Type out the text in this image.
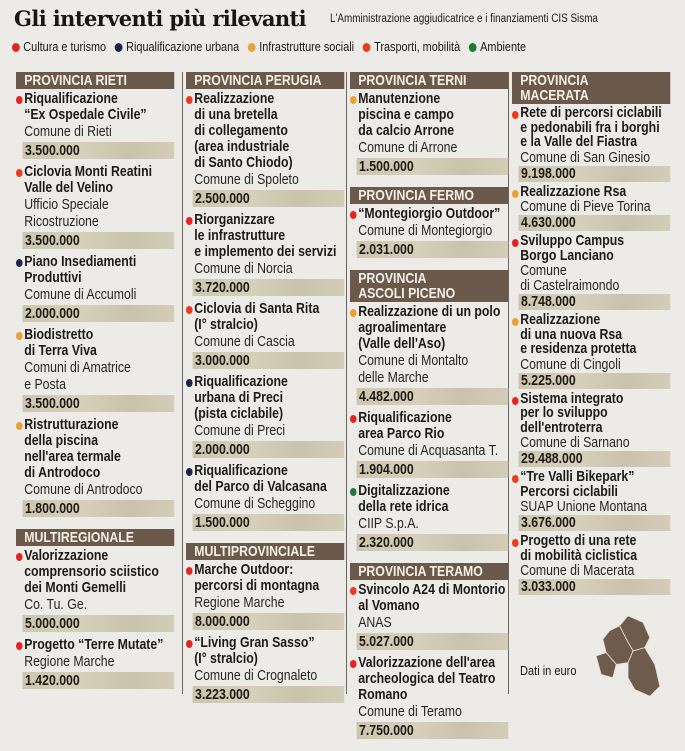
Gli interventi più rilevanti L'Amministrazione aggiudicatrice e i finanziamenti CIS Sisma
Cultura e turismo Riqualificazione urbana Infrastrutture sociali Trasporti, mobilità Ambiente
PROVINCIA RIETI
Riqualificazione
“Ex Ospedale Civile”
Comune di Rieti
3.500.000
Ciclovia Monti Reatini
Valle del Velino
Ufficio Speciale
Ricostruzione
3.500.000
Piano Insediamenti
Produttivi
Comune di Accumoli
2.000.000
Biodistretto
di Terra Viva
Comuni di Amatrice
e Posta
3.500.000
Ristrutturazione
della piscina
nell'area termale
di Antrodoco
Comune di Antrodoco
1.800.000
MULTIREGIONALE
Valorizzazione
comprensorio sciistico
dei Monti Gemelli
Co. Tu. Ge.
5.000.000
Progetto “Terre Mutate”
Regione Marche
1.420.000
PROVINCIA PERUGIA
Realizzazione
di una bretella
di collegamento
(area industriale
di Santo Chiodo)
Comune di Spoleto
2.500.000
Riorganizzare
le infrastrutture
e implemento dei servizi
Comune di Norcia
3.720.000
Ciclovia di Santa Rita
(I° stralcio)
Comune di Cascia
3.000.000
Riqualificazione
urbana di Preci
(pista ciclabile)
Comune di Preci
2.000.000
Riqualificazione
del Parco di Valcasana
Comune di Scheggino
1.500.000
MULTIPROVINCIALE
Marche Outdoor:
percorsi di montagna
Regione Marche
8.000.000
“Living Gran Sasso”
(I° stralcio)
Comune di Crognaleto
3.223.000
PROVINCIA TERNI
Manutenzione
piscina e campo
da calcio Arrone
Comune di Arrone
1.500.000
PROVINCIA FERMO
“Montegiorgio Outdoor”
Comune di Montegiorgio
2.031.000
PROVINCIA
ASCOLI PICENO
Realizzazione di un polo
agroalimentare
(Valle dell'Aso)
Comune di Montalto
delle Marche
4.482.000
Riqualificazione
area Parco Rio
Comune di Acquasanta T.
1.904.000
Digitalizzazione
della rete idrica
CIIP S.p.A.
2.320.000
PROVINCIA TERAMO
Svincolo A24 di Montorio
al Vomano
ANAS
5.027.000
Valorizzazione dell'area
archeologica del Teatro
Romano
Comune di Teramo
7.750.000
PROVINCIA
MACERATA
Rete di percorsi ciclabili
e pedonabili fra i borghi
e la Valle del Fiastra
Comune di San Ginesio
9.198.000
Realizzazione Rsa
Comune di Pieve Torina
4.630.000
Sviluppo Campus
Borgo Lanciano
Comune
di Castelraimondo
8.748.000
Realizzazione
di una nuova Rsa
e residenza protetta
Comune di Cingoli
5.225.000
Sistema integrato
per lo sviluppo
dell'entroterra
Comune di Sarnano
29.488.000
“Tre Valli Bikepark”
Percorsi ciclabili
SUAP Unione Montana
3.676.000
Progetto di una rete
di mobilità ciclistica
Comune di Macerata
3.033.000
Dati in euro
